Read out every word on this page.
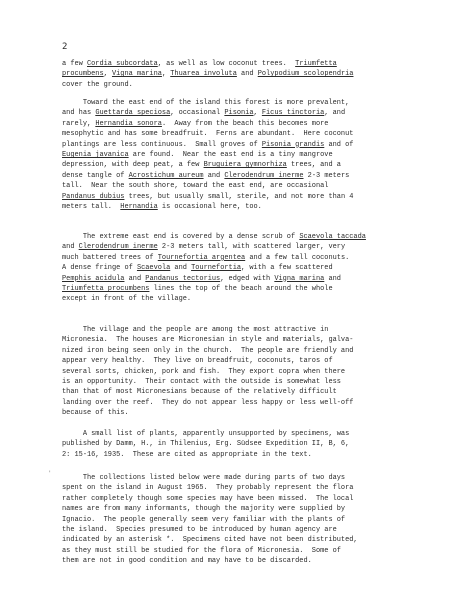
2

a few Cordia subcordata, as well as low coconut trees.  Triumfetta
procumbens, Vigna marina, Thuarea involuta and Polypodium scolopendria
cover the ground.

Toward the east end of the island this forest is more prevalent,
and has Guettarda speciosa, occasional Pisonia, Ficus tinctoria, and
rarely, Hernandia sonora.  Away from the beach this becomes more
mesophytic and has some breadfruit.  Ferns are abundant.  Here coconut
plantings are less continuous.  Small groves of Pisonia grandis and of
Eugenia javanica are found.  Near the east end is a tiny mangrove
depression, with deep peat, a few Bruguiera gymnorhiza trees, and a
dense tangle of Acrostichum aureum and Clerodendrum inerme 2-3 meters
tall.  Near the south shore, toward the east end, are occasional
Pandanus dubius trees, but usually small, sterile, and not more than 4
meters tall.  Hernandia is occasional here, too.

The extreme east end is covered by a dense scrub of Scaevola taccada
and Clerodendrum inerme 2-3 meters tall, with scattered larger, very
much battered trees of Tournefortia argentea and a few tall coconuts.
A dense fringe of Scaevola and Tournefortia, with a few scattered
Pemphis acidula and Pandanus tectorius, edged with Vigna marina and
Triumfetta procumbens lines the top of the beach around the whole
except in front of the village.

The village and the people are among the most attractive in
Micronesia.  The houses are Micronesian in style and materials, galva-
nized iron being seen only in the church.  The people are friendly and
appear very healthy.  They live on breadfruit, coconuts, taros of
several sorts, chicken, pork and fish.  They export copra when there
is an opportunity.  Their contact with the outside is somewhat less
than that of most Micronesians because of the relatively difficult
landing over the reef.  They do not appear less happy or less well-off
because of this.

A small list of plants, apparently unsupported by specimens, was
published by Damm, H., in Thilenius, Erg. Südsee Expedition II, B, 6,
2: 15-16, 1935.  These are cited as appropriate in the text.

The collections listed below were made during parts of two days
spent on the island in August 1965.  They probably represent the flora
rather completely though some species may have been missed.  The local
names are from many informants, though the majority were supplied by
Ignacio.  The people generally seem very familiar with the plants of
the island.  Species presumed to be introduced by human agency are
indicated by an asterisk *.  Specimens cited have not been distributed,
as they must still be studied for the flora of Micronesia.  Some of
them are not in good condition and may have to be discarded.

'
